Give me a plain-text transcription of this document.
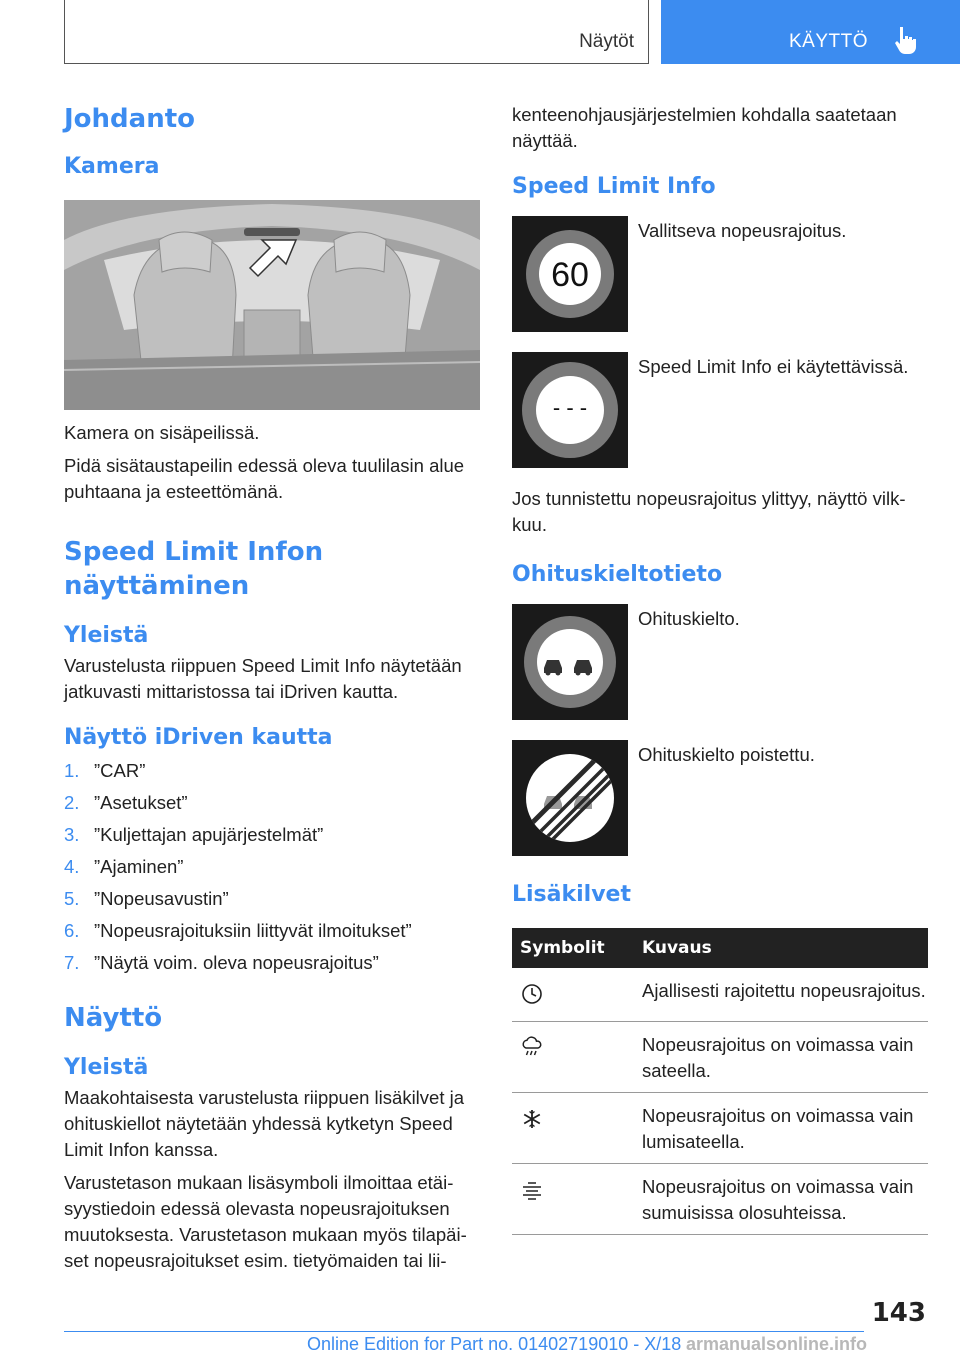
Näytöt	KÄYTTÖ
Johdanto
Kamera
Kamera on sisäpeilissä.
Pidä sisätaustapeilin edessä oleva tuulilasin alue puhtaana ja esteettömänä.
Speed Limit Infon näyttäminen
Yleistä
Varustelusta riippuen Speed Limit Info näytetään jatkuvasti mittaristossa tai iDriven kautta.
Näyttö iDriven kautta
1. ”CAR”
2. ”Asetukset”
3. ”Kuljettajan apujärjestelmät”
4. ”Ajaminen”
5. ”Nopeusavustin”
6. ”Nopeusrajoituksiin liittyvät ilmoitukset”
7. ”Näytä voim. oleva nopeusrajoitus”
Näyttö
Yleistä
Maakohtaisesta varustelusta riippuen lisäkilvet ja ohituskiellot näytetään yhdessä kytketyn Speed Limit Infon kanssa.
Varustetason mukaan lisäsymboli ilmoittaa etäisyystiedoin edessä olevasta nopeusrajoituksen muutoksesta. Varustetason mukaan myös tilapäiset nopeusrajoitukset esim. tietyömaiden tai lii-
kenteenohjausjärjestelmien kohdalla saatetaan näyttää.
Speed Limit Info
60
Vallitseva nopeusrajoitus.
- - -
Speed Limit Info ei käytettävissä.
Jos tunnistettu nopeusrajoitus ylittyy, näyttö vilkkuu.
Ohituskieltotieto
Ohituskielto.
Ohituskielto poistettu.
Lisäkilvet
Symbolit	Kuvaus
	Ajallisesti rajoitettu nopeusrajoitus.
	Nopeusrajoitus on voimassa vain sateella.
	Nopeusrajoitus on voimassa vain lumisateella.
	Nopeusrajoitus on voimassa vain sumuisissa olosuhteissa.
143
Online Edition for Part no. 01402719010 - X/18 armanualsonline.info
